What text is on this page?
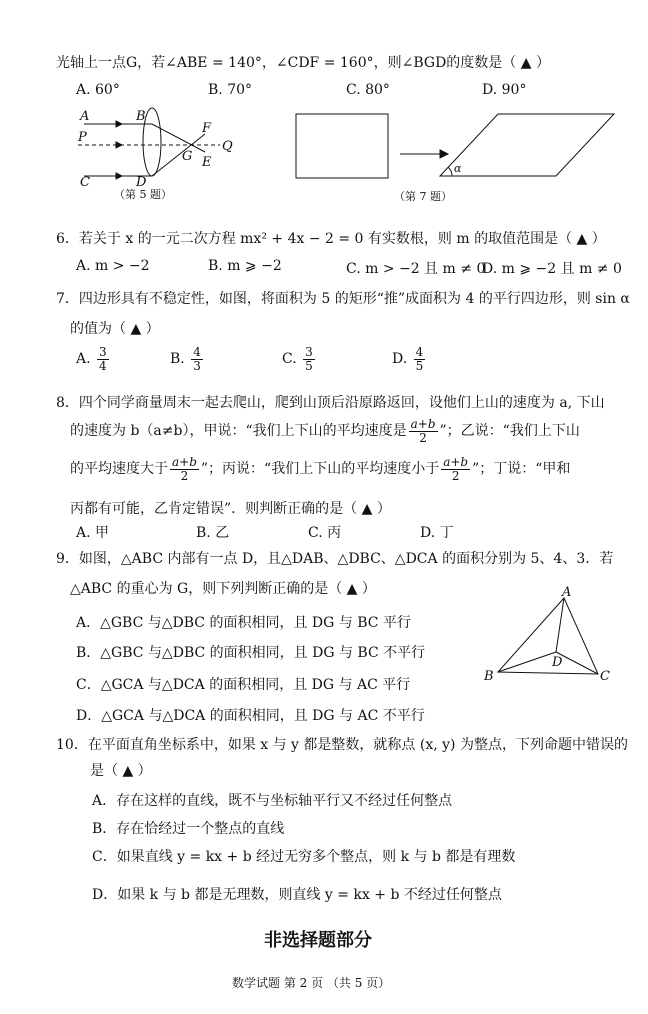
光轴上一点G，若∠ABE = 140°，∠CDF = 160°，则∠BGD的度数是（ ▲ ）
A. 60°	B. 70°	C. 80°	D. 90°
A	B
F
P
G
Q
E
C	D
（第 5 题）
α
（第 7 题）
6．若关于 x 的一元二次方程 mx² + 4x − 2 = 0 有实数根，则 m 的取值范围是（ ▲ ）
A. m > −2	B. m ⩾ −2	C. m > −2 且 m ≠ 0
D. m ⩾ −2 且 m ≠ 0
7．四边形具有不稳定性，如图，将面积为 5 的矩形“推”成面积为 4 的平行四边形，则 sin α
的值为（ ▲ ）
A. $\frac{3}{4}$	B. $\frac{4}{3}$	C. $\frac{3}{5}$	D. $\frac{4}{5}$
8．四个同学商量周末一起去爬山，爬到山顶后沿原路返回，设他们上山的速度为 a, 下山
的速度为 b（a≠b），甲说：“我们上下山的平均速度是 $\frac{a+b}{2}$ ”；乙说：“我们上下山
的平均速度大于 $\frac{a+b}{2}$ ”；丙说：“我们上下山的平均速度小于 $\frac{a+b}{2}$ ”；丁说：“甲和
丙都有可能，乙肯定错误”．则判断正确的是（ ▲ ）
A. 甲	B. 乙	C. 丙	D. 丁
9．如图，△ABC 内部有一点 D，且△DAB、△DBC、△DCA 的面积分别为 5、4、3．若
△ABC 的重心为 G，则下列判断正确的是（ ▲ ）
A．△GBC 与△DBC 的面积相同，且 DG 与 BC 平行
B．△GBC 与△DBC 的面积相同，且 DG 与 BC 不平行
C．△GCA 与△DCA 的面积相同，且 DG 与 AC 平行
D．△GCA 与△DCA 的面积相同，且 DG 与 AC 不平行
A
D
B	C
10．在平面直角坐标系中，如果 x 与 y 都是整数，就称点 (x, y) 为整点，下列命题中错误的
是（ ▲ ）
A．存在这样的直线，既不与坐标轴平行又不经过任何整点
B．存在恰经过一个整点的直线
C．如果直线 y = kx + b 经过无穷多个整点，则 k 与 b 都是有理数
D．如果 k 与 b 都是无理数，则直线 y = kx + b 不经过任何整点
非选择题部分
数学试题 第 2 页 （共 5 页）
